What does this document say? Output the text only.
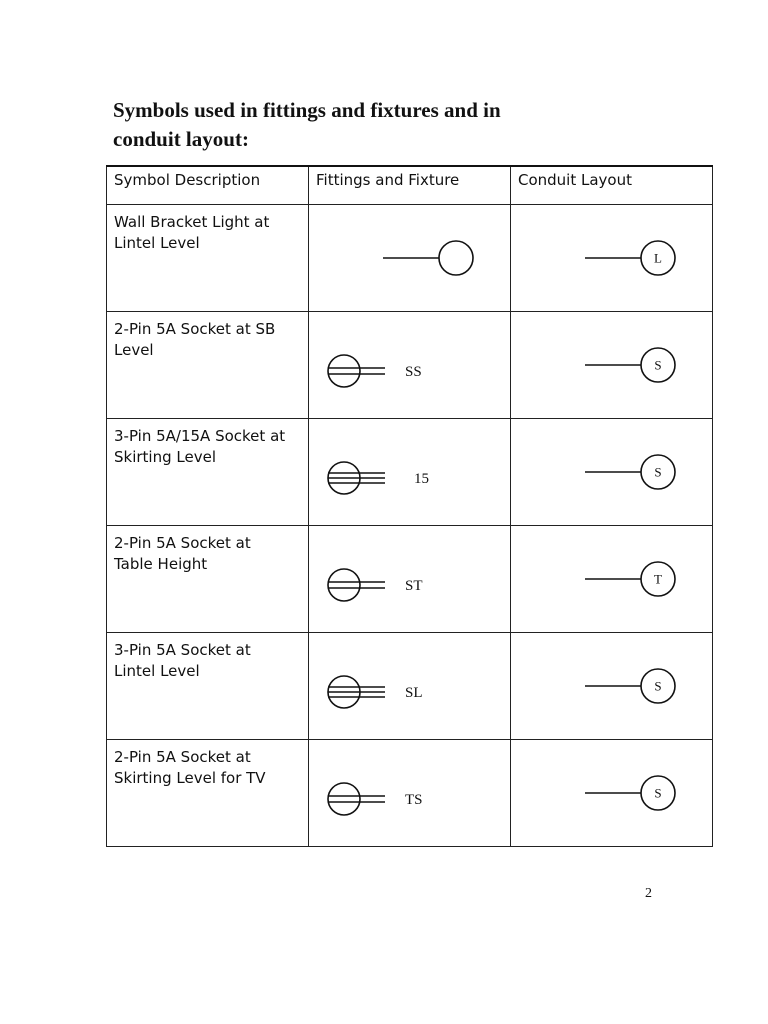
Symbols used in fittings and fixtures and in
conduit layout:
Symbol Description	Fittings and Fixture	Conduit Layout

Wall Bracket Light at
Lintel Level		L

2-Pin 5A Socket at SB
Level	SS	S

3-Pin 5A/15A Socket at
Skirting Level	15	S

2-Pin 5A Socket at
Table Height	ST	T

3-Pin 5A Socket at
Lintel Level	SL	S

2-Pin 5A Socket at
Skirting Level for TV	TS	S
2
